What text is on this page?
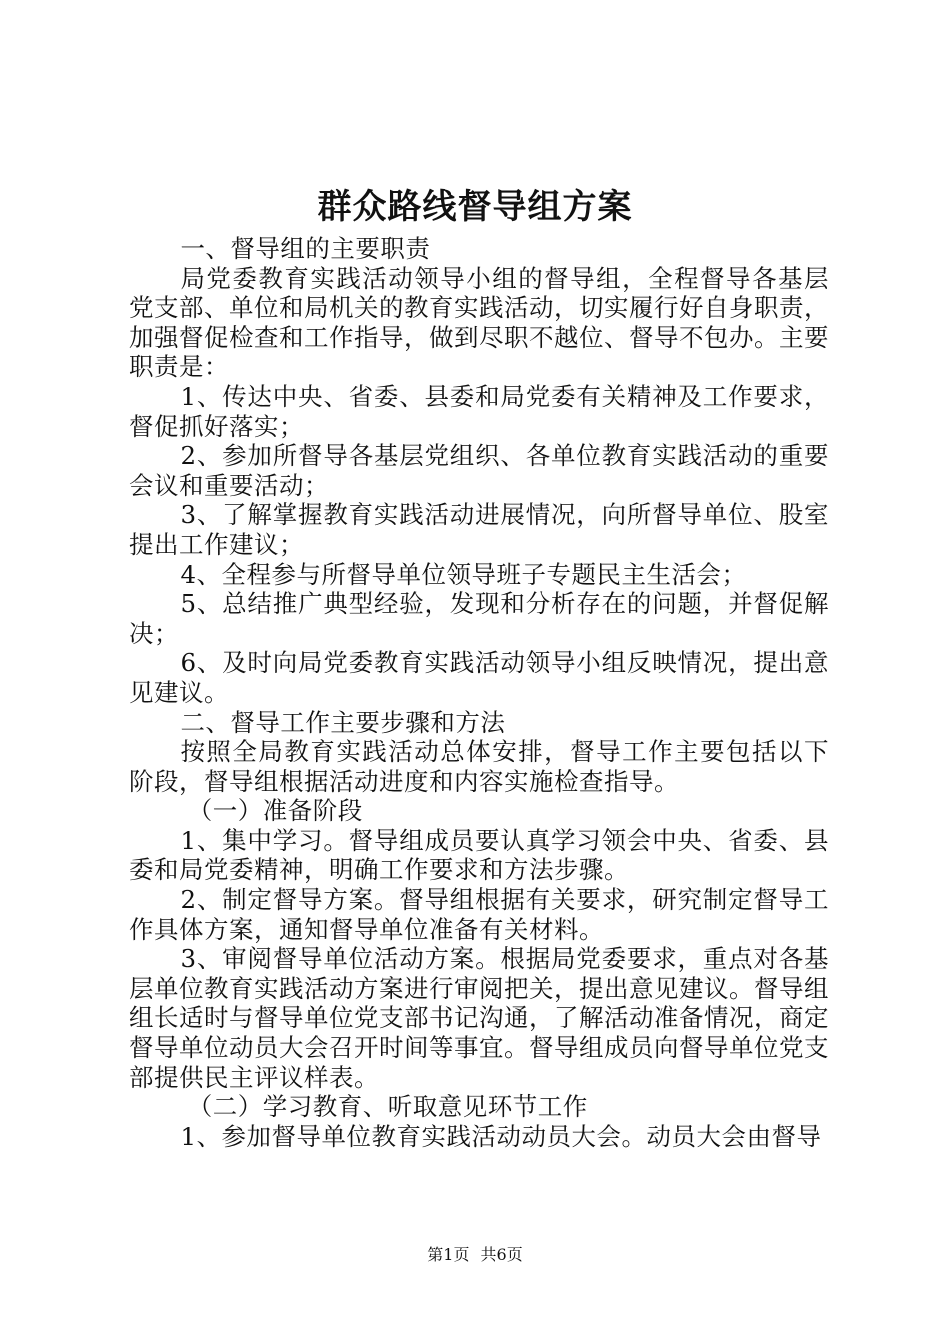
群众路线督导组方案

一、督导组的主要职责

局党委教育实践活动领导小组的督导组，全程督导各基层党支部、单位和局机关的教育实践活动，切实履行好自身职责，加强督促检查和工作指导，做到尽职不越位、督导不包办。主要职责是：

1、传达中央、省委、县委和局党委有关精神及工作要求，督促抓好落实；

2、参加所督导各基层党组织、各单位教育实践活动的重要会议和重要活动；

3、了解掌握教育实践活动进展情况，向所督导单位、股室提出工作建议；

4、全程参与所督导单位领导班子专题民主生活会；

5、总结推广典型经验，发现和分析存在的问题，并督促解决；

6、及时向局党委教育实践活动领导小组反映情况，提出意见建议。

二、督导工作主要步骤和方法

按照全局教育实践活动总体安排，督导工作主要包括以下阶段，督导组根据活动进度和内容实施检查指导。

（一）准备阶段

1、集中学习。督导组成员要认真学习领会中央、省委、县委和局党委精神，明确工作要求和方法步骤。

2、制定督导方案。督导组根据有关要求，研究制定督导工作具体方案，通知督导单位准备有关材料。

3、审阅督导单位活动方案。根据局党委要求，重点对各基层单位教育实践活动方案进行审阅把关，提出意见建议。督导组组长适时与督导单位党支部书记沟通，了解活动准备情况，商定督导单位动员大会召开时间等事宜。督导组成员向督导单位党支部提供民主评议样表。

（二）学习教育、听取意见环节工作

1、参加督导单位教育实践活动动员大会。动员大会由督导

第1页 共6页
